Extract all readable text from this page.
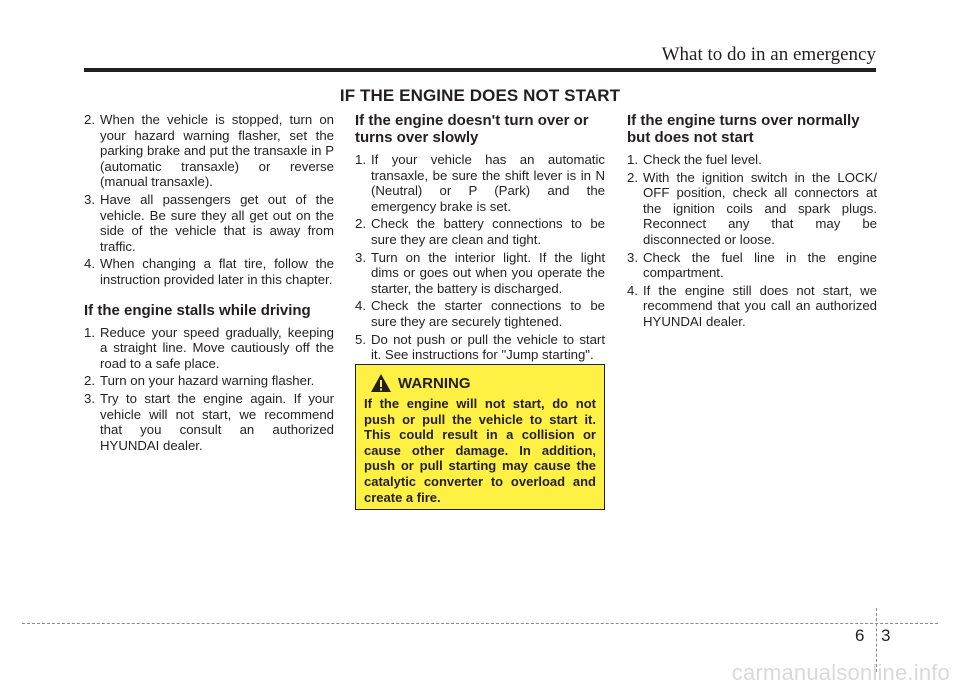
What to do in an emergency
IF THE ENGINE DOES NOT START
2. When the vehicle is stopped, turn on your hazard warning flasher, set the parking brake and put the transaxle in P (automatic transaxle) or reverse (manual transaxle).
3. Have all passengers get out of the vehicle. Be sure they all get out on the side of the vehicle that is away from traffic.
4. When changing a flat tire, follow the instruction provided later in this chapter.
If the engine stalls while driving
1. Reduce your speed gradually, keeping a straight line. Move cautiously off the road to a safe place.
2. Turn on your hazard warning flasher.
3. Try to start the engine again. If your vehicle will not start, we recommend that you consult an authorized HYUNDAI dealer.
If the engine doesn't turn over or turns over slowly
1. If your vehicle has an automatic transaxle, be sure the shift lever is in N (Neutral) or P (Park) and the emergency brake is set.
2. Check the battery connections to be sure they are clean and tight.
3. Turn on the interior light. If the light dims or goes out when you operate the starter, the battery is discharged.
4. Check the starter connections to be sure they are securely tightened.
5. Do not push or pull the vehicle to start it. See instructions for "Jump starting".
WARNING
If the engine will not start, do not push or pull the vehicle to start it. This could result in a collision or cause other damage. In addition, push or pull starting may cause the catalytic converter to overload and create a fire.
If the engine turns over normally but does not start
1. Check the fuel level.
2. With the ignition switch in the LOCK/ OFF position, check all connectors at the ignition coils and spark plugs. Reconnect any that may be disconnected or loose.
3. Check the fuel line in the engine compartment.
4. If the engine still does not start, we recommend that you call an authorized HYUNDAI dealer.
6 3
carmanualsonline.info
